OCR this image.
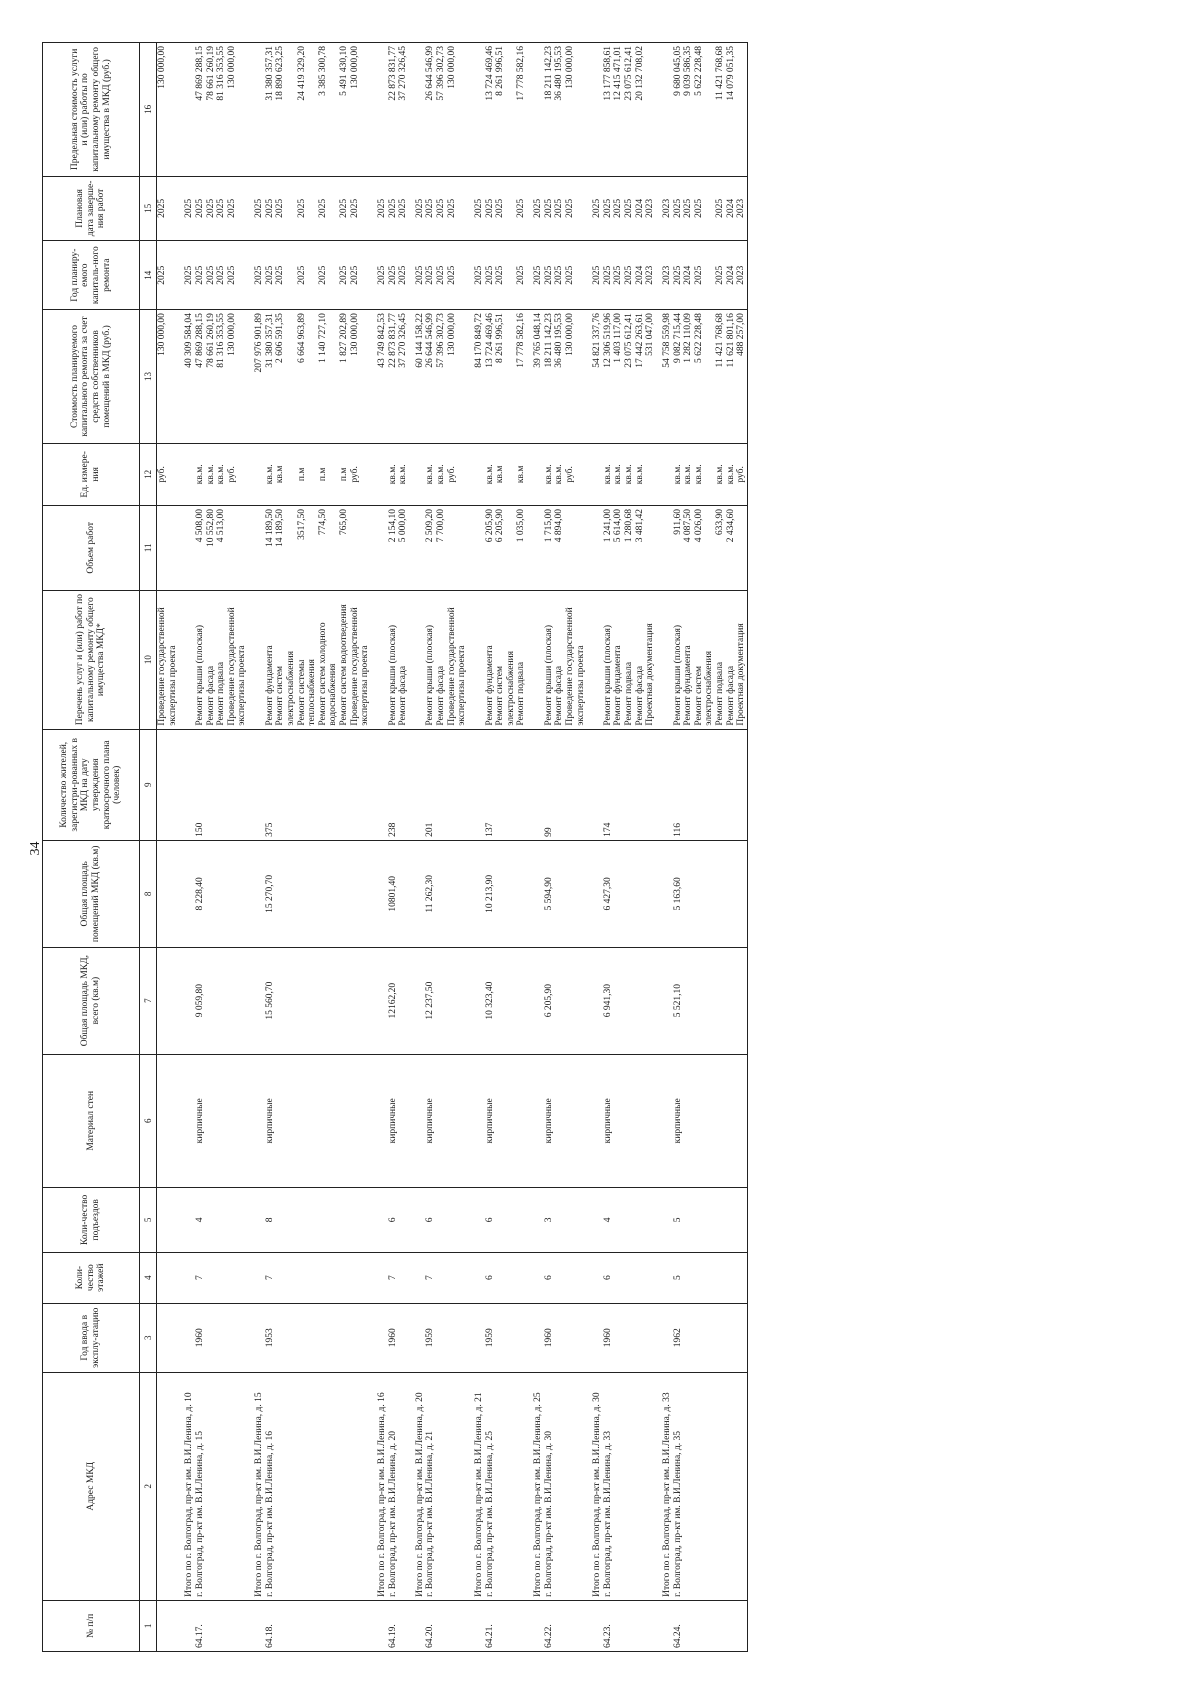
34
№ п/п	Адрес МКД	Год ввода в эксплу-атацию	Коли-чество этажей	Коли-чество подъездов	Материал стен	Общая площадь МКД, всего (кв.м)	Общая площадь помещений МКД (кв.м)	Количество жителей, зарегистри-рованных в МКД на дату утверждения краткосрочного плана (человек)	Перечень услуг и (или) работ по капитальному ремонту общего имущества МКД*	Объем работ	Ед. измере-ния	Стоимость планируемого капитального ремонта за счет средств собственников помещений в МКД (руб.)	Год планиру-емого капиталь-ного ремонта	Плановая дата заверше-ния работ	Предельная стоимость услуги и (или) работы по капитальному ремонту общего имущества в МКД (руб.)
1	2	3	4	5	6	7	8	9	10	11	12	13	14	15	16
									Проведение государственной экспертизы проекта		руб.	130 000,00	2025	2025	130 000,00
	Итого по г. Волгоград, пр-кт им. В.И.Ленина, д. 10											40 309 584,04	2025	2025	
64.17.	г. Волгоград, пр-кт им. В.И.Ленина, д. 15	1960	7	4	кирпичные	9 059,80	8 228,40	150	Ремонт крыши (плоская)	4 508,00	кв.м.	47 869 288,15	2025	2025	47 869 288,15
									Ремонт фасада	10 552,80	кв.м.	78 661 260,19	2025	2025	78 661 260,19
									Ремонт подвала	4 513,00	кв.м.	81 316 353,55	2025	2025	81 316 353,55
									Проведение государственной экспертизы проекта		руб.	130 000,00	2025	2025	130 000,00
	Итого по г. Волгоград, пр-кт им. В.И.Ленина, д. 15											207 976 901,89	2025	2025	
64.18.	г. Волгоград, пр-кт им. В.И.Ленина, д. 16	1953	7	8	кирпичные	15 560,70	15 270,70	375	Ремонт фундамента	14 189,50	кв.м.	31 380 357,31	2025	2025	31 380 357,31
									Ремонт систем электроснабжения	14 189,50	кв.м	2 606 591,35	2025	2025	18 890 623,25
									Ремонт системы теплоснабжения	3517,50	п.м	6 664 963,89	2025	2025	24 419 329,20
									Ремонт систем холодного водоснабжения	774,50	п.м	1 140 727,10	2025	2025	3 385 300,78
									Ремонт систем водоотведения	765,00	п.м	1 827 202,89	2025	2025	5 491 430,10
									Проведение государственной экспертизы проекта		руб.	130 000,00	2025	2025	130 000,00
	Итого по г. Волгоград, пр-кт им. В.И.Ленина, д. 16											43 749 842,53	2025	2025	
64.19.	г. Волгоград, пр-кт им. В.И.Ленина, д. 20	1960	7	6	кирпичные	12162,20	10801,40	238	Ремонт крыши (плоская)	2 154,10	кв.м.	22 873 831,77	2025	2025	22 873 831,77
									Ремонт фасада	5 000,00	кв.м.	37 270 326,45	2025	2025	37 270 326,45
	Итого по г. Волгоград, пр-кт им. В.И.Ленина, д. 20											60 144 158,22	2025	2025	
64.20.	г. Волгоград, пр-кт им. В.И.Ленина, д. 21	1959	7	6	кирпичные	12 237,50	11 262,30	201	Ремонт крыши (плоская)	2 509,20	кв.м.	26 644 546,99	2025	2025	26 644 546,99
									Ремонт фасада	7 700,00	кв.м.	57 396 302,73	2025	2025	57 396 302,73
									Проведение государственной экспертизы проекта		руб.	130 000,00	2025	2025	130 000,00
	Итого по г. Волгоград, пр-кт им. В.И.Ленина, д. 21											84 170 849,72	2025	2025	
64.21.	г. Волгоград, пр-кт им. В.И.Ленина, д. 25	1959	6	6	кирпичные	10 323,40	10 213,90	137	Ремонт фундамента	6 205,90	кв.м.	13 724 469,46	2025	2025	13 724 469,46
									Ремонт систем электроснабжения	6 205,90	кв.м	8 261 996,51	2025	2025	8 261 996,51
									Ремонт подвала	1 035,00	кв.м	17 778 582,16	2025	2025	17 778 582,16
	Итого по г. Волгоград, пр-кт им. В.И.Ленина, д. 25											39 765 048,14	2025	2025	
64.22.	г. Волгоград, пр-кт им. В.И.Ленина, д. 30	1960	6	3	кирпичные	6 205,90	5 594,90	99	Ремонт крыши (плоская)	1 715,00	кв.м.	18 211 142,23	2025	2025	18 211 142,23
									Ремонт фасада	4 894,00	кв.м.	36 480 195,53	2025	2025	36 480 195,53
									Проведение государственной экспертизы проекта		руб.	130 000,00	2025	2025	130 000,00
	Итого по г. Волгоград, пр-кт им. В.И.Ленина, д. 30											54 821 337,76	2025	2025	
64.23.	г. Волгоград, пр-кт им. В.И.Ленина, д. 33	1960	6	4	кирпичные	6 941,30	6 427,30	174	Ремонт крыши (плоская)	1 241,00	кв.м.	12 306 519,96	2025	2025	13 177 858,61
									Ремонт фундамента	5 614,00	кв.м.	1 403 117,00	2025	2025	12 415 471,01
									Ремонт подвала	1 280,68	кв.м.	23 075 612,41	2025	2025	23 075 612,41
									Ремонт фасада	3 481,42	кв.м.	17 442 263,61	2024	2024	20 132 708,02
									Проектная документация			531 047,00	2023	2023	
	Итого по г. Волгоград, пр-кт им. В.И.Ленина, д. 33											54 758 559,98	2023	2023	
64.24.	г. Волгоград, пр-кт им. В.И.Ленина, д. 35	1962	5	5	кирпичные	5 521,10	5 163,60	116	Ремонт крыши (плоская)	911,60	кв.м.	9 082 715,44	2025	2025	9 680 045,05
									Ремонт фундамента	4 087,50	кв.м.	1 282 110,09	2024	2025	9 039 586,35
									Ремонт систем электроснабжения	4 026,00	кв.м.	5 622 228,48	2025	2025	5 622 228,48
									Ремонт подвала	633,90	кв.м.	11 421 768,68	2025	2025	11 421 768,68
									Ремонт фасада	2 434,60	кв.м.	11 621 801,16	2024	2024	14 079 051,35
									Проектная документация		руб.	488 257,00	2023	2023	
